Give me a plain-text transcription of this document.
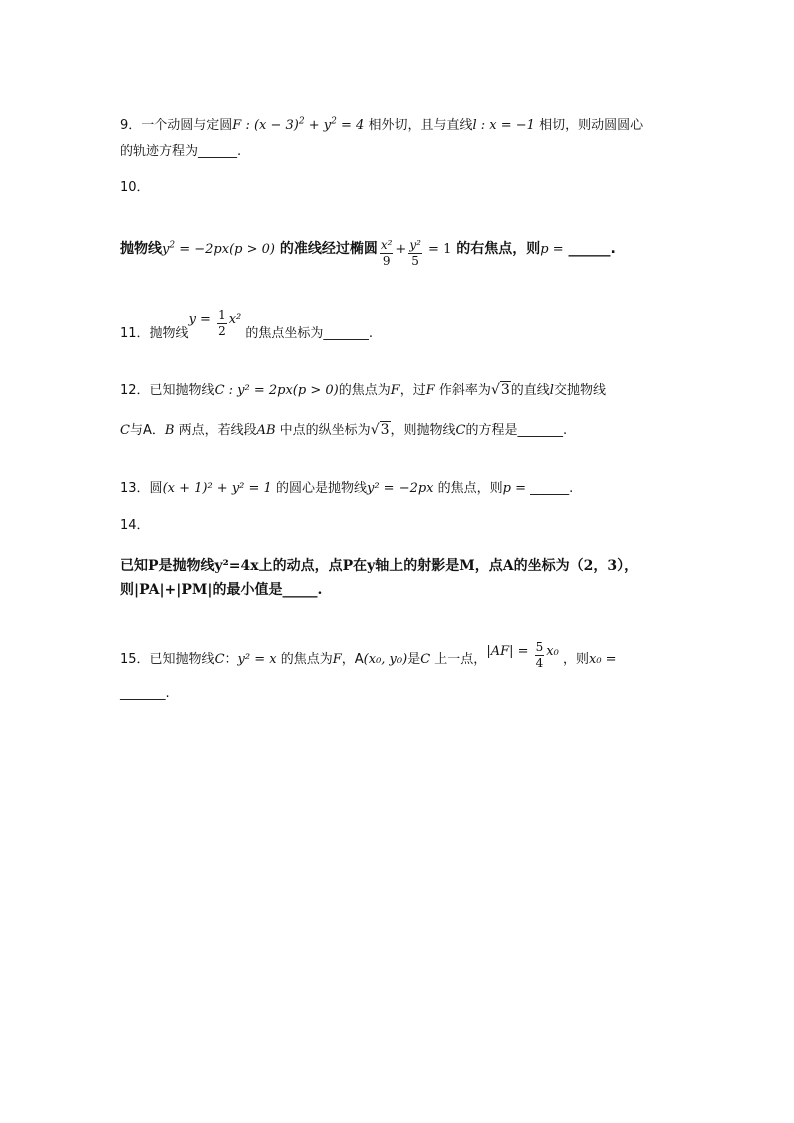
9．一个动圆与定圆F : $(x - 3)^2 + y^2 = 4$ 相外切，且与直线l : x = −1 相切，则动圆圆心
的轨迹方程为______.
10．
抛物线$y^2 = -2px(p > 0)$ 的准线经过椭圆 $\frac{\text{x²}}{9} + \frac{\text{y²}}{5} = 1$ 的右焦点，则p = ______.
11．抛物线$y = \frac{1}{2} x^2$ 的焦点坐标为_______.
12．已知抛物线C : y² = 2px(p > 0)的焦点为F，过F 作斜率为√3的直线l交抛物线
C与A．B 两点，若线段AB 中点的纵坐标为√3，则抛物线C的方程是_______.
13．圆(x + 1)² + y² = 1 的圆心是抛物线y² = −2px 的焦点，则p = ______.
14．
已知P是抛物线y²=4x上的动点，点P在y轴上的射影是M，点A的坐标为（2，3），
则|PA|+|PM|的最小值是_____.
15．已知抛物线C：y² = x 的焦点为F，A(x₀, y₀)是C 上一点，$|AF| = \frac{5}{4} x_0$ ，则x₀ =
_______.
